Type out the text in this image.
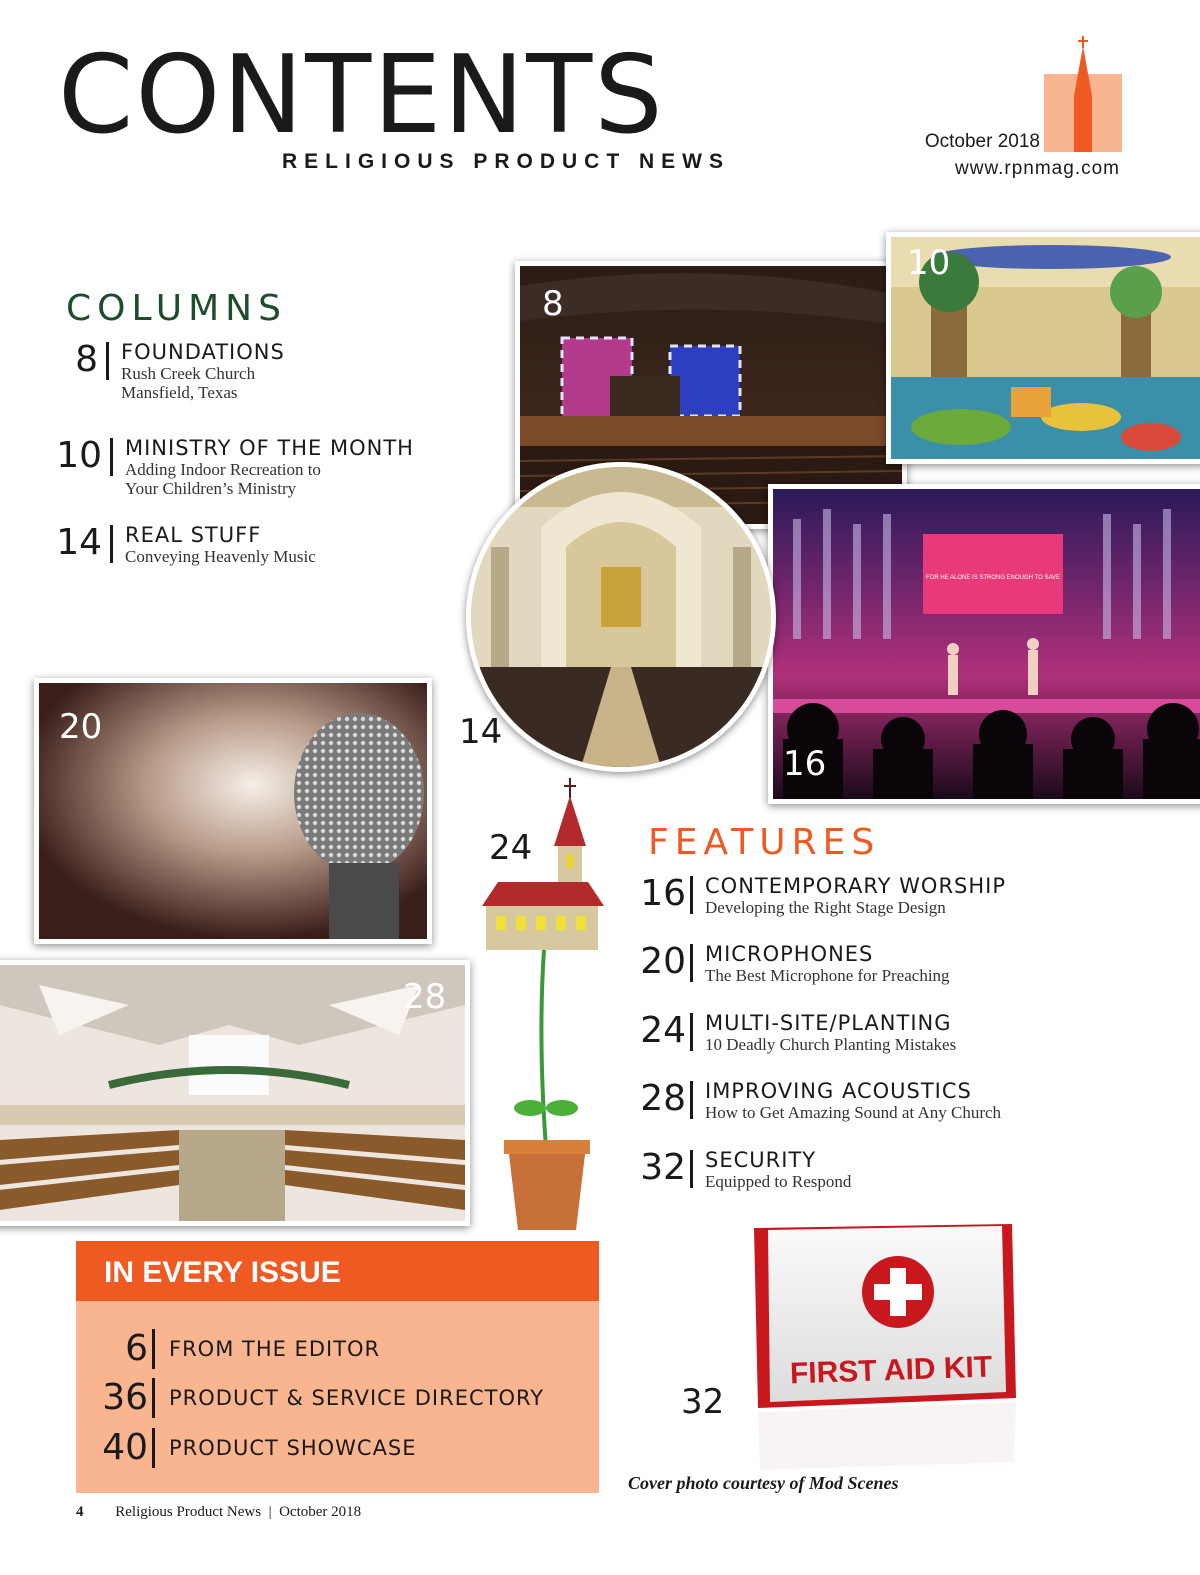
CONTENTS
RELIGIOUS PRODUCT NEWS
October 2018
www.rpnmag.com
COLUMNS
8 FOUNDATIONS
Rush Creek Church
Mansfield, Texas
10 MINISTRY OF THE MONTH
Adding Indoor Recreation to
Your Children’s Ministry
14 REAL STUFF
Conveying Heavenly Music
8
10
FOR HE ALONE IS STRONG ENOUGH TO SAVE
16
14
20
28
24	FEATURES
16 CONTEMPORARY WORSHIP
Developing the Right Stage Design
20 MICROPHONES
The Best Microphone for Preaching
24 MULTI-SITE/PLANTING
10 Deadly Church Planting Mistakes
28 IMPROVING ACOUSTICS
How to Get Amazing Sound at Any Church
32 SECURITY
Equipped to Respond
FIRST AID KIT
32
IN EVERY ISSUE
6 FROM THE EDITOR
36 PRODUCT & SERVICE DIRECTORY
40 PRODUCT SHOWCASE
Cover photo courtesy of Mod Scenes
4 Religious Product News  |  October 2018
